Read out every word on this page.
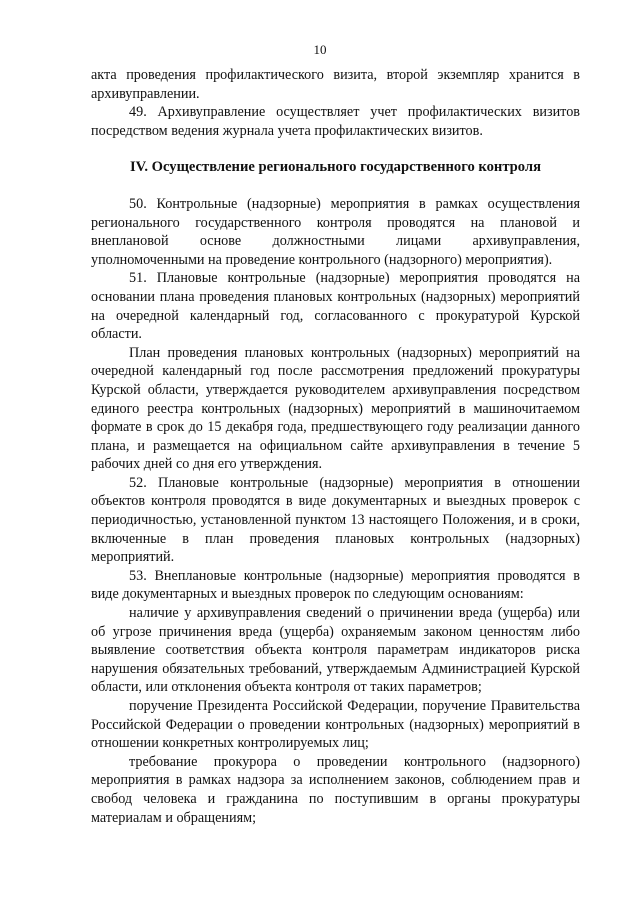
10

акта проведения профилактического визита, второй экземпляр хранится в архивуправлении.

49. Архивуправление осуществляет учет профилактических визитов посредством ведения журнала учета профилактических визитов.

IV. Осуществление регионального государственного контроля

50. Контрольные (надзорные) мероприятия в рамках осуществления регионального государственного контроля проводятся на плановой и внеплановой основе должностными лицами архивуправления, уполномоченными на проведение контрольного (надзорного) мероприятия).

51. Плановые контрольные (надзорные) мероприятия проводятся на основании плана проведения плановых контрольных (надзорных) мероприятий на очередной календарный год, согласованного с прокуратурой Курской области.

План проведения плановых контрольных (надзорных) мероприятий на очередной календарный год после рассмотрения предложений прокуратуры Курской области, утверждается руководителем архивуправления посредством единого реестра контрольных (надзорных) мероприятий в машиночитаемом формате в срок до 15 декабря года, предшествующего году реализации данного плана, и размещается на официальном сайте архивуправления в течение 5 рабочих дней со дня его утверждения.

52. Плановые контрольные (надзорные) мероприятия в отношении объектов контроля проводятся в виде документарных и выездных проверок с периодичностью, установленной пунктом 13 настоящего Положения, и в сроки, включенные в план проведения плановых контрольных (надзорных) мероприятий.

53. Внеплановые контрольные (надзорные) мероприятия проводятся в виде документарных и выездных проверок по следующим основаниям:

наличие у архивуправления сведений о причинении вреда (ущерба) или об угрозе причинения вреда (ущерба) охраняемым законом ценностям либо выявление соответствия объекта контроля параметрам индикаторов риска нарушения обязательных требований, утверждаемым Администрацией Курской области, или отклонения объекта контроля от таких параметров;

поручение Президента Российской Федерации, поручение Правительства Российской Федерации о проведении контрольных (надзорных) мероприятий в отношении конкретных контролируемых лиц;

требование прокурора о проведении контрольного (надзорного) мероприятия в рамках надзора за исполнением законов, соблюдением прав и свобод человека и гражданина по поступившим в органы прокуратуры материалам и обращениям;
